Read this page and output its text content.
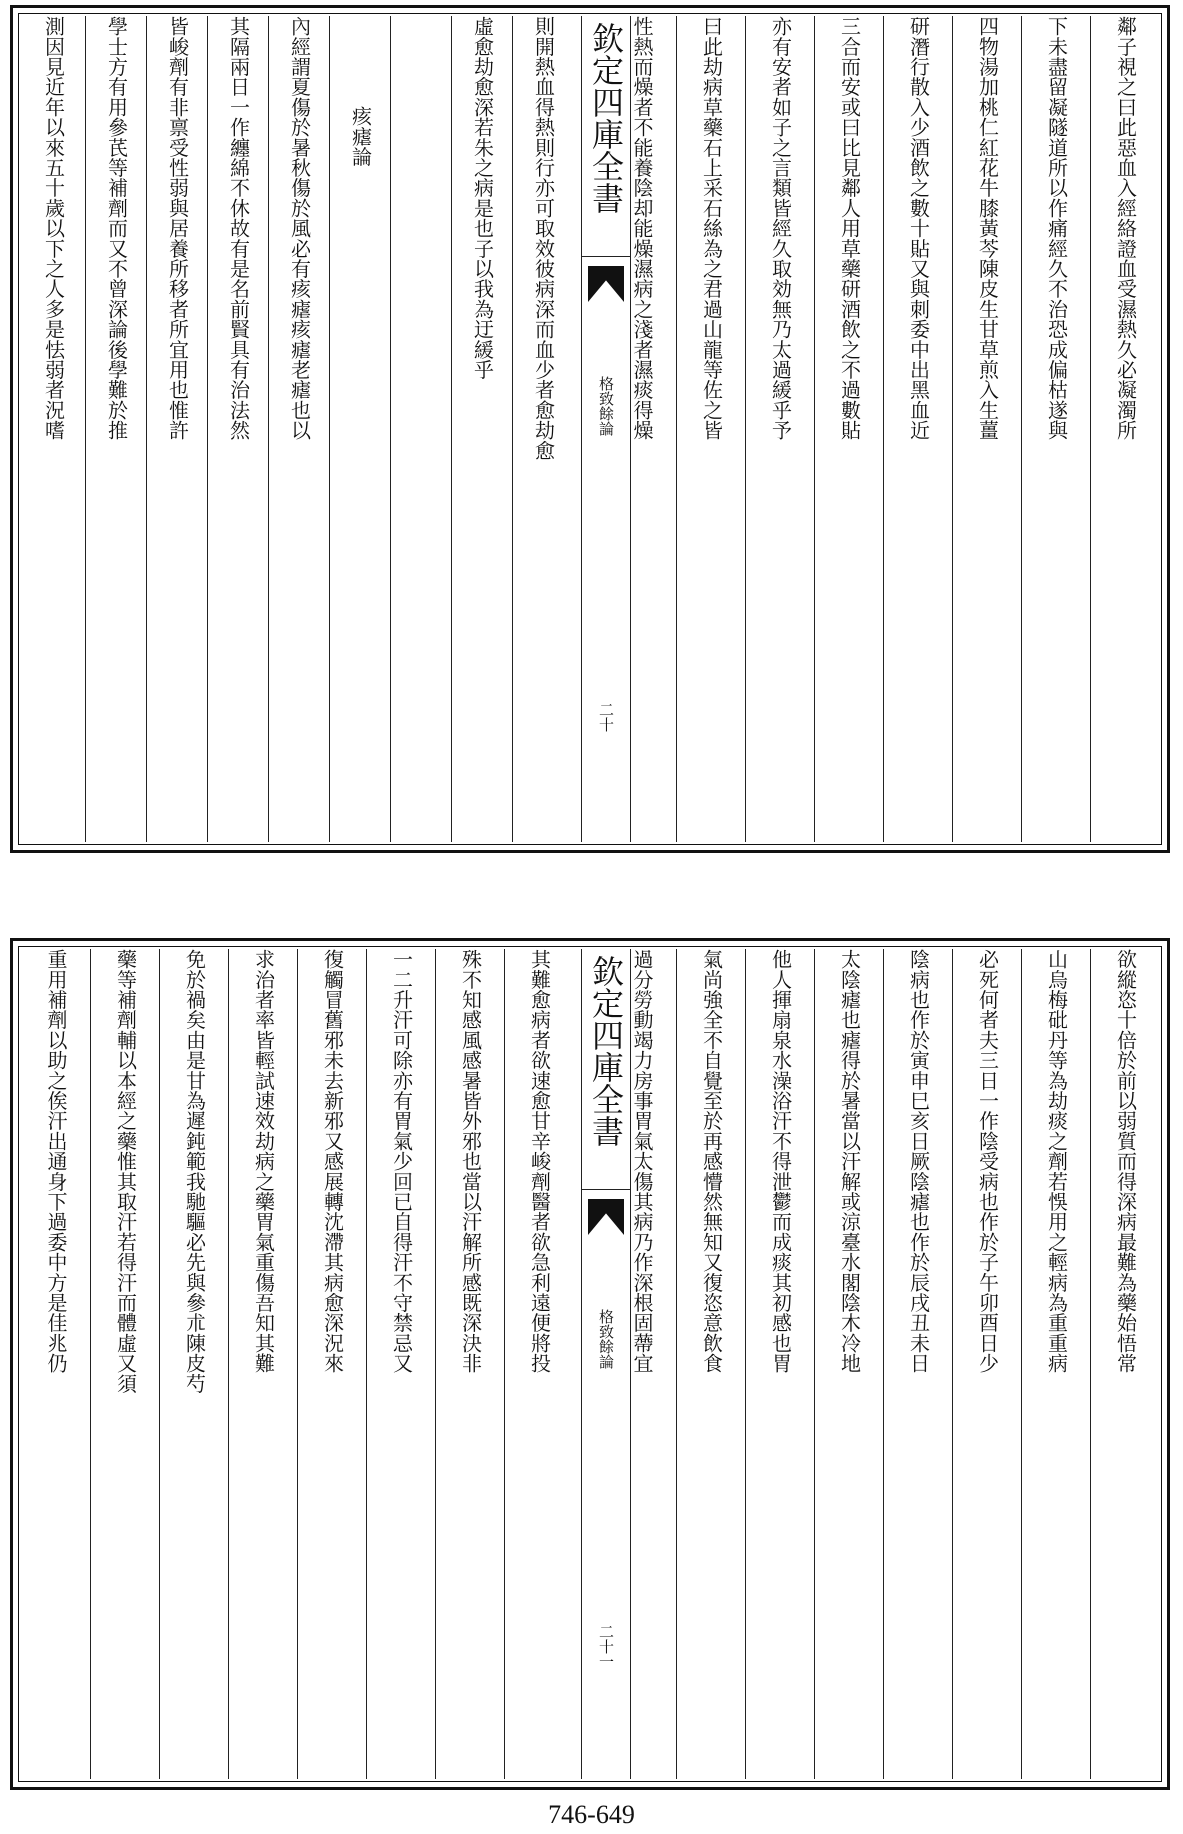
鄰子視之曰此惡血入經絡證血受濕熱久必凝濁所
下未盡留凝隧道所以作痛經久不治恐成偏枯遂與
四物湯加桃仁紅花牛膝黃芩陳皮生甘草煎入生薑
研潛行散入少酒飲之數十貼又與刺委中出黑血近
三合而安或曰比見鄰人用草藥研酒飲之不過數貼
亦有安者如子之言類皆經久取効無乃太過緩乎予
曰此劫病草藥石上采石絲為之君過山龍等佐之皆
性熱而燥者不能養陰却能燥濕病之淺者濕痰得燥
欽定四庫全書
格致餘論
二十
則開熱血得熱則行亦可取效彼病深而血少者愈劫愈
虛愈劫愈深若朱之病是也子以我為迂緩乎
痎瘧論
內經謂夏傷於暑秋傷於風必有痎瘧痎瘧老瘧也以
其隔兩日一作纏綿不休故有是名前賢具有治法然
皆峻劑有非禀受性弱與居養所移者所宜用也惟許
學士方有用參芪等補劑而又不曾深論後學難於推
測因見近年以來五十歲以下之人多是怯弱者況嗜
欲縱恣十倍於前以弱質而得深病最難為藥始悟常
山烏梅砒丹等為劫痰之劑若悞用之輕病為重重病
必死何者夫三日一作陰受病也作於子午卯酉日少
陰病也作於寅申巳亥日厥陰瘧也作於辰戌丑未日
太陰瘧也瘧得於暑當以汗解或涼臺水閣陰木冷地
他人揮扇泉水澡浴汗不得泄鬱而成痰其初感也胃
氣尚強全不自覺至於再感懵然無知又復恣意飲食
過分勞動竭力房事胃氣太傷其病乃作深根固蔕宜
欽定四庫全書
格致餘論
二十一
其難愈病者欲速愈甘辛峻劑醫者欲急利遠便將投
殊不知感風感暑皆外邪也當以汗解所感既深決非
一二升汗可除亦有胃氣少回已自得汗不守禁忌又
復觸冒舊邪未去新邪又感展轉沈滯其病愈深況來
求治者率皆輕試速效劫病之藥胃氣重傷吾知其難
免於禍矣由是甘為遲鈍範我馳驅必先與參朮陳皮芍
藥等補劑輔以本經之藥惟其取汗若得汗而體虛又須
重用補劑以助之俟汗出通身下過委中方是佳兆仍
746-649
